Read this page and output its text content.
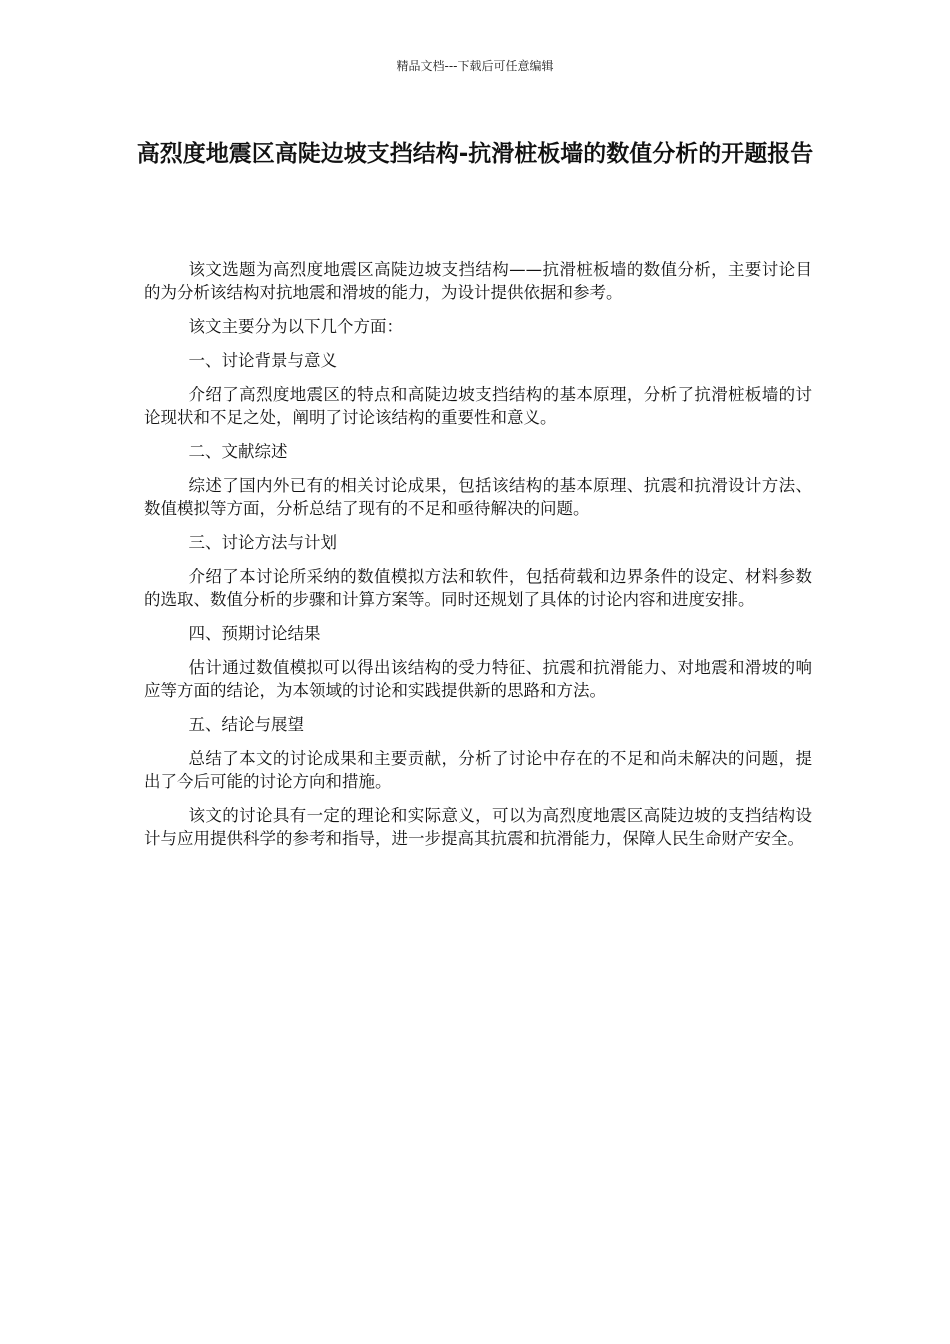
精品文档---下载后可任意编辑
高烈度地震区高陡边坡支挡结构-抗滑桩板墙的数值分析的开题报告

该文选题为高烈度地震区高陡边坡支挡结构——抗滑桩板墙的数值分析，主要讨论目的为分析该结构对抗地震和滑坡的能力，为设计提供依据和参考。

该文主要分为以下几个方面：

一、讨论背景与意义

介绍了高烈度地震区的特点和高陡边坡支挡结构的基本原理，分析了抗滑桩板墙的讨论现状和不足之处，阐明了讨论该结构的重要性和意义。

二、文献综述

综述了国内外已有的相关讨论成果，包括该结构的基本原理、抗震和抗滑设计方法、数值模拟等方面，分析总结了现有的不足和亟待解决的问题。

三、讨论方法与计划

介绍了本讨论所采纳的数值模拟方法和软件，包括荷载和边界条件的设定、材料参数的选取、数值分析的步骤和计算方案等。同时还规划了具体的讨论内容和进度安排。

四、预期讨论结果

估计通过数值模拟可以得出该结构的受力特征、抗震和抗滑能力、对地震和滑坡的响应等方面的结论，为本领域的讨论和实践提供新的思路和方法。

五、结论与展望

总结了本文的讨论成果和主要贡献，分析了讨论中存在的不足和尚未解决的问题，提出了今后可能的讨论方向和措施。

该文的讨论具有一定的理论和实际意义，可以为高烈度地震区高陡边坡的支挡结构设计与应用提供科学的参考和指导，进一步提高其抗震和抗滑能力，保障人民生命财产安全。
